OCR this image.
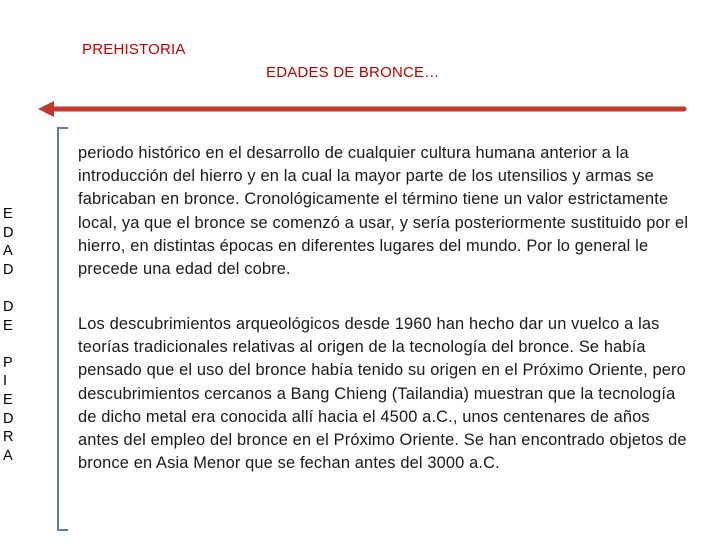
PREHISTORIA
EDADES DE BRONCE…
E
D
A
D
D
E
P
I
E
D
R
A

periodo histórico en el desarrollo de cualquier cultura humana anterior a la introducción del hierro y en la cual la mayor parte de los utensilios y armas se fabricaban en bronce. Cronológicamente el término tiene un valor estrictamente local, ya que el bronce se comenzó a usar, y sería posteriormente sustituido por el hierro, en distintas épocas en diferentes lugares del mundo. Por lo general le precede una edad del cobre.

Los descubrimientos arqueológicos desde 1960 han hecho dar un vuelco a las teorías tradicionales relativas al origen de la tecnología del bronce. Se había pensado que el uso del bronce había tenido su origen en el Próximo Oriente, pero descubrimientos cercanos a Bang Chieng (Tailandia) muestran que la tecnología de dicho metal era conocida allí hacia el 4500 a.C., unos centenares de años antes del empleo del bronce en el Próximo Oriente. Se han encontrado objetos de bronce en Asia Menor que se fechan antes del 3000 a.C.
